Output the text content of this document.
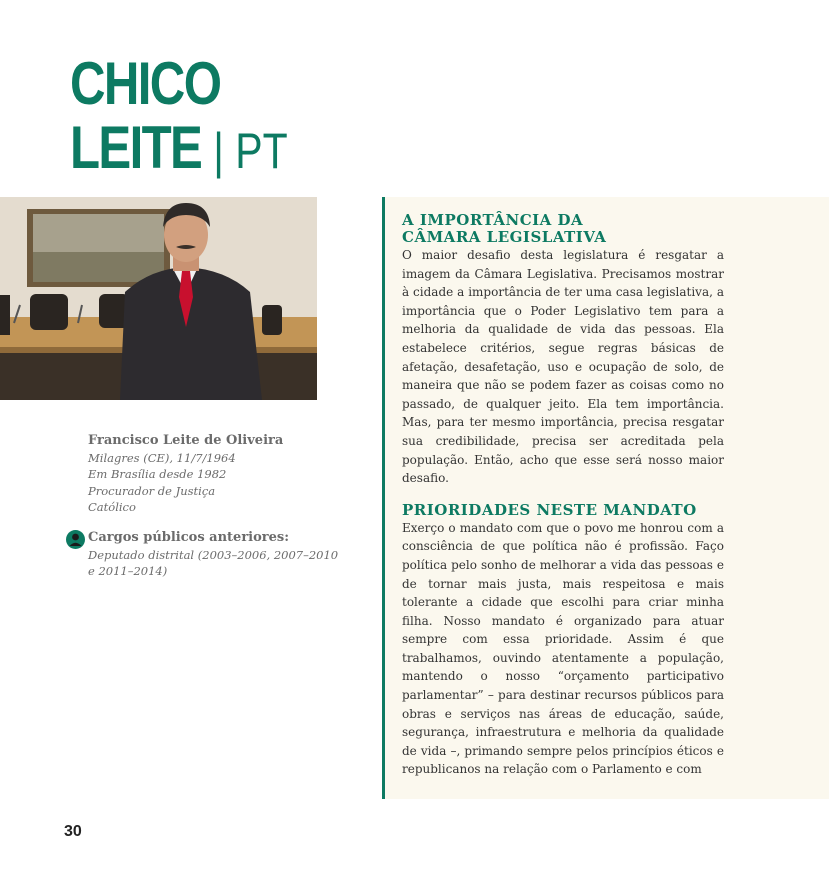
CHICO
LEITE | PT
Francisco Leite de Oliveira
Milagres (CE), 11/7/1964
Em Brasília desde 1982
Procurador de Justiça
Católico
Cargos públicos anteriores:
Deputado distrital (2003–2006, 2007–2010 e 2011–2014)
A IMPORTÂNCIA DA
CÂMARA LEGISLATIVA

O maior desafio desta legislatura é resgatar a imagem da Câmara Legislativa. Precisamos mostrar à cidade a importância de ter uma casa legislativa, a importância que o Poder Legislativo tem para a melhoria da qualidade de vida das pessoas. Ela estabelece critérios, segue regras básicas de afetação, desafetação, uso e ocupação de solo, de maneira que não se podem fazer as coisas como no passado, de qualquer jeito. Ela tem importância. Mas, para ter mesmo importância, precisa resgatar sua credibilidade, precisa ser acreditada pela população. Então, acho que esse será nosso maior desafio.

PRIORIDADES NESTE MANDATO

Exerço o mandato com que o povo me honrou com a consciência de que política não é profissão. Faço política pelo sonho de melhorar a vida das pessoas e de tornar mais justa, mais respeitosa e mais tolerante a cidade que escolhi para criar minha filha. Nosso mandato é organizado para atuar sempre com essa prioridade. Assim é que trabalhamos, ouvindo atentamente a população, mantendo o nosso “orçamento participativo parlamentar” – para destinar recursos públicos para obras e serviços nas áreas de educação, saúde, segurança, infraestrutura e melhoria da qualidade de vida –, primando sempre pelos princípios éticos e republicanos na relação com o Parlamento e com

30
